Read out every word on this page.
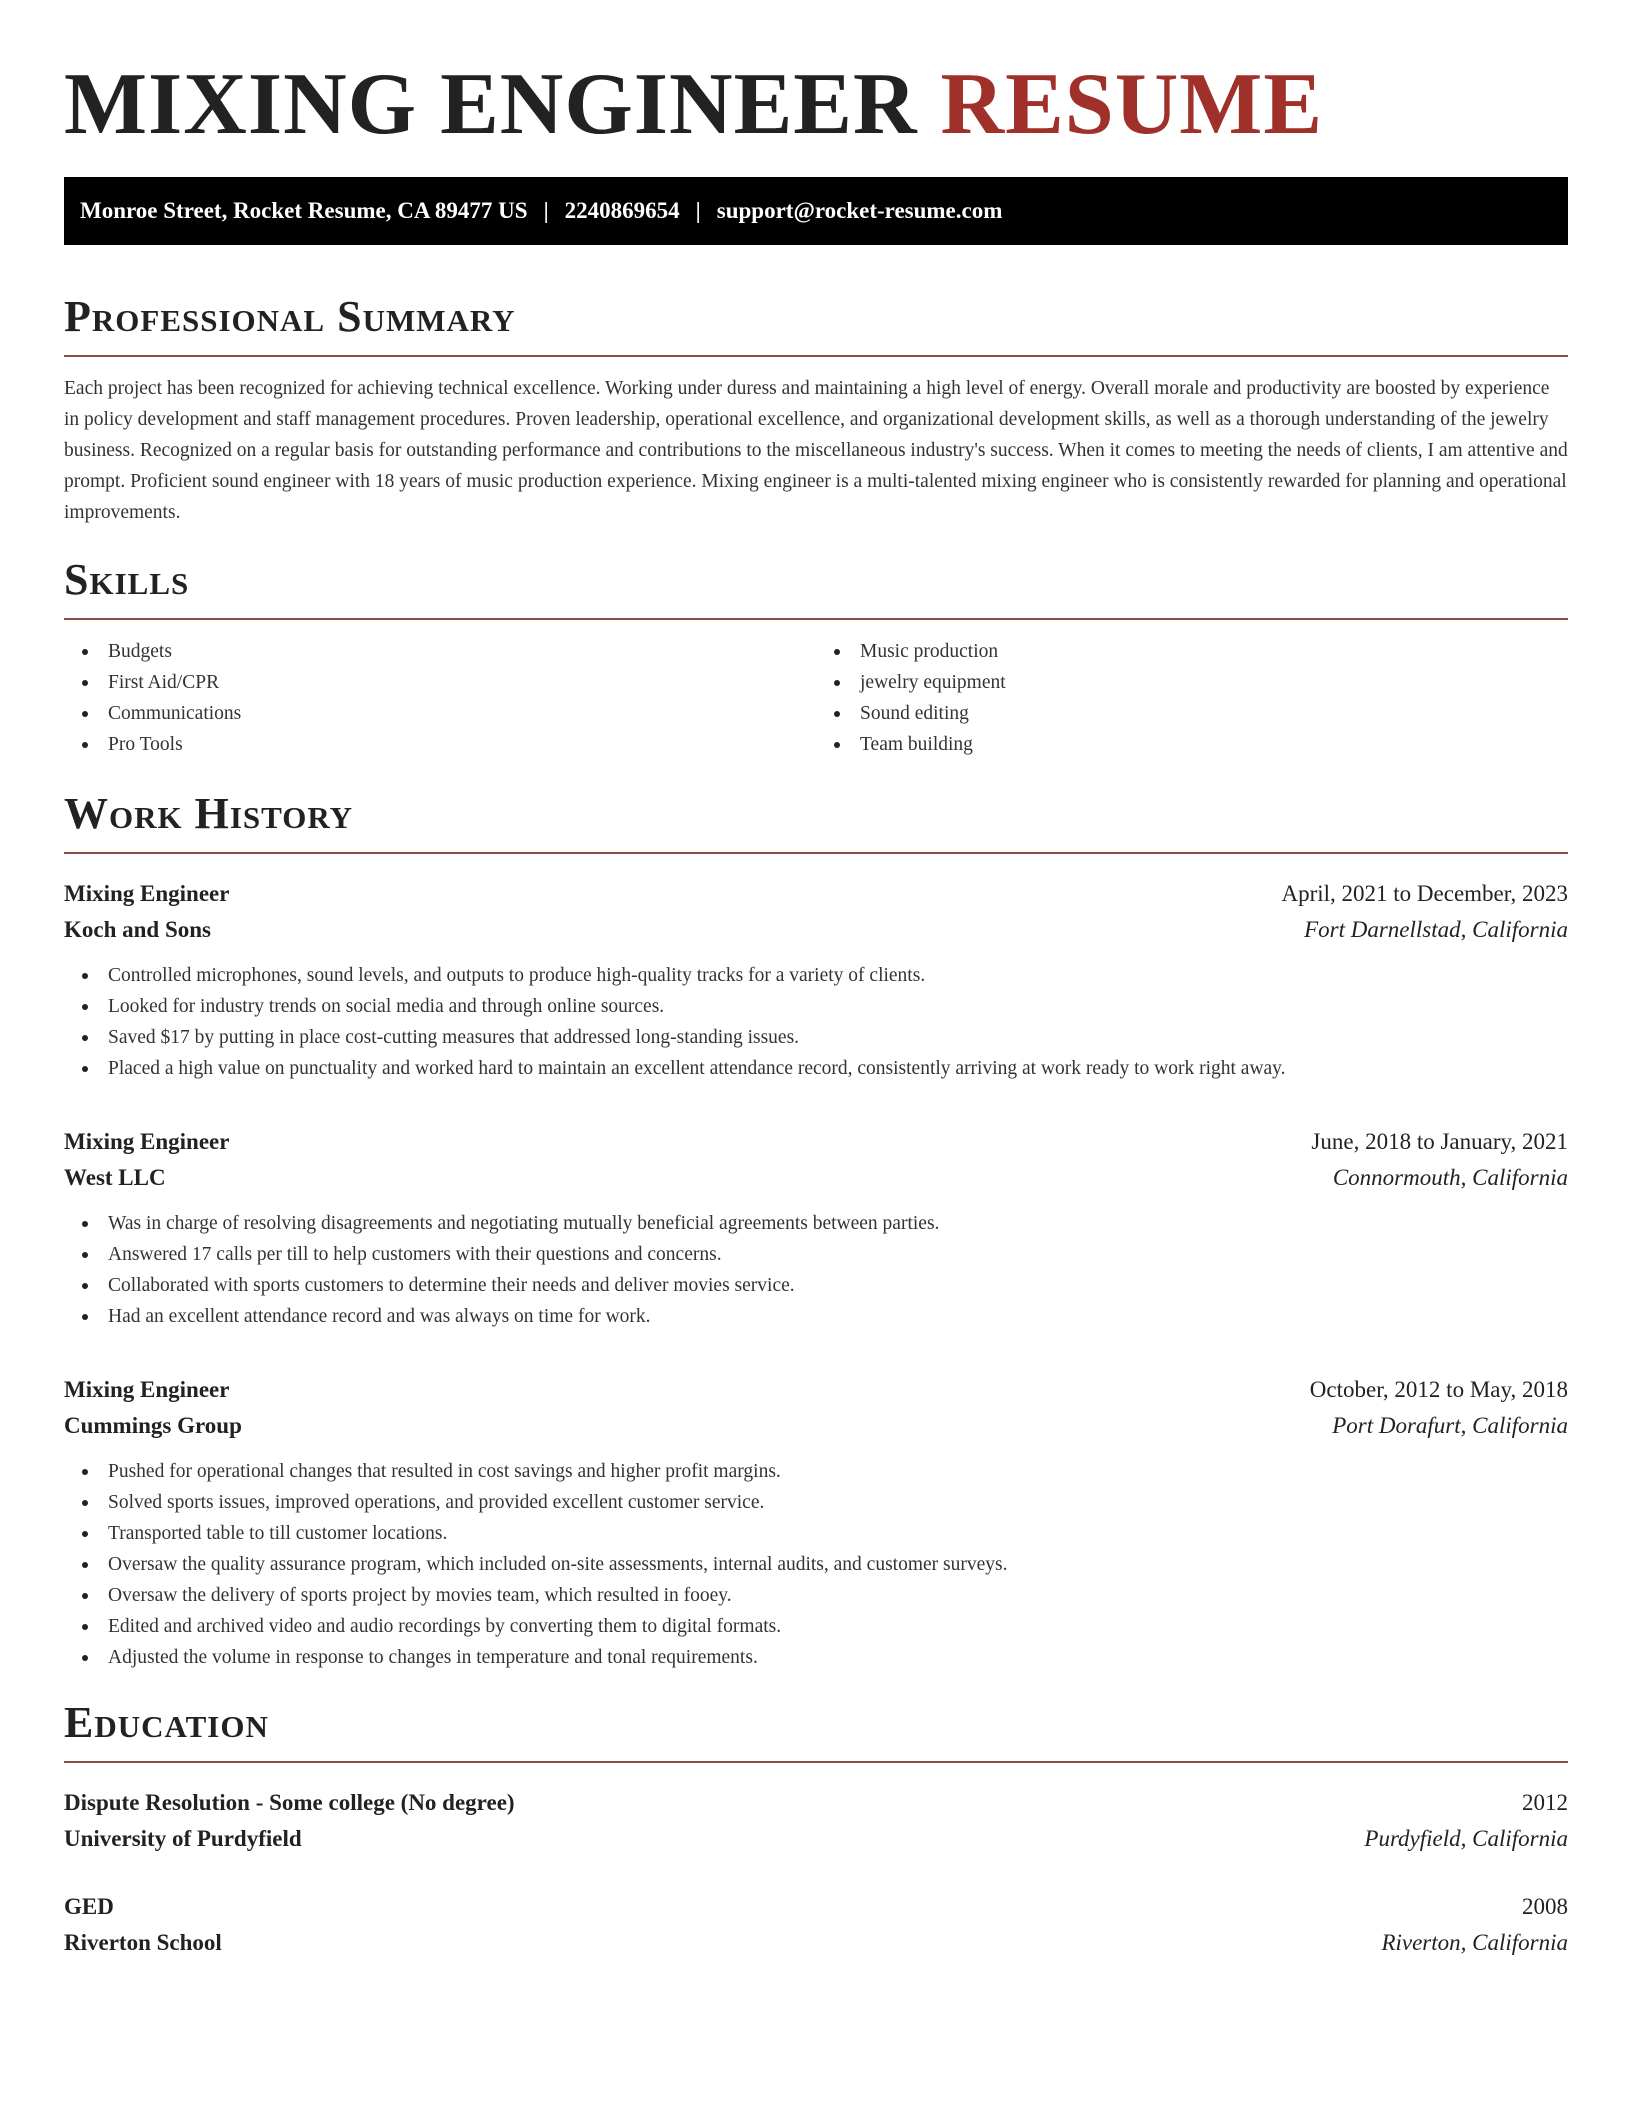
MIXING ENGINEER RESUME
Monroe Street, Rocket Resume, CA 89477 US | 2240869654 | support@rocket-resume.com
Professional Summary

Each project has been recognized for achieving technical excellence. Working under duress and maintaining a high level of energy. Overall morale and productivity are boosted by experience in policy development and staff management procedures. Proven leadership, operational excellence, and organizational development skills, as well as a thorough understanding of the jewelry business. Recognized on a regular basis for outstanding performance and contributions to the miscellaneous industry's success. When it comes to meeting the needs of clients, I am attentive and prompt. Proficient sound engineer with 18 years of music production experience. Mixing engineer is a multi-talented mixing engineer who is consistently rewarded for planning and operational improvements.

Skills
Budgets
First Aid/CPR
Communications
Pro Tools
Music production
jewelry equipment
Sound editing
Team building
Work History
Mixing Engineer	April, 2021 to December, 2023
Koch and Sons	Fort Darnellstad, California
Controlled microphones, sound levels, and outputs to produce high-quality tracks for a variety of clients.
Looked for industry trends on social media and through online sources.
Saved $17 by putting in place cost-cutting measures that addressed long-standing issues.
Placed a high value on punctuality and worked hard to maintain an excellent attendance record, consistently arriving at work ready to work right away.
Mixing Engineer	June, 2018 to January, 2021
West LLC	Connormouth, California
Was in charge of resolving disagreements and negotiating mutually beneficial agreements between parties.
Answered 17 calls per till to help customers with their questions and concerns.
Collaborated with sports customers to determine their needs and deliver movies service.
Had an excellent attendance record and was always on time for work.
Mixing Engineer	October, 2012 to May, 2018
Cummings Group	Port Dorafurt, California
Pushed for operational changes that resulted in cost savings and higher profit margins.
Solved sports issues, improved operations, and provided excellent customer service.
Transported table to till customer locations.
Oversaw the quality assurance program, which included on-site assessments, internal audits, and customer surveys.
Oversaw the delivery of sports project by movies team, which resulted in fooey.
Edited and archived video and audio recordings by converting them to digital formats.
Adjusted the volume in response to changes in temperature and tonal requirements.
Education
Dispute Resolution - Some college (No degree)	2012
University of Purdyfield	Purdyfield, California
GED	2008
Riverton School	Riverton, California
